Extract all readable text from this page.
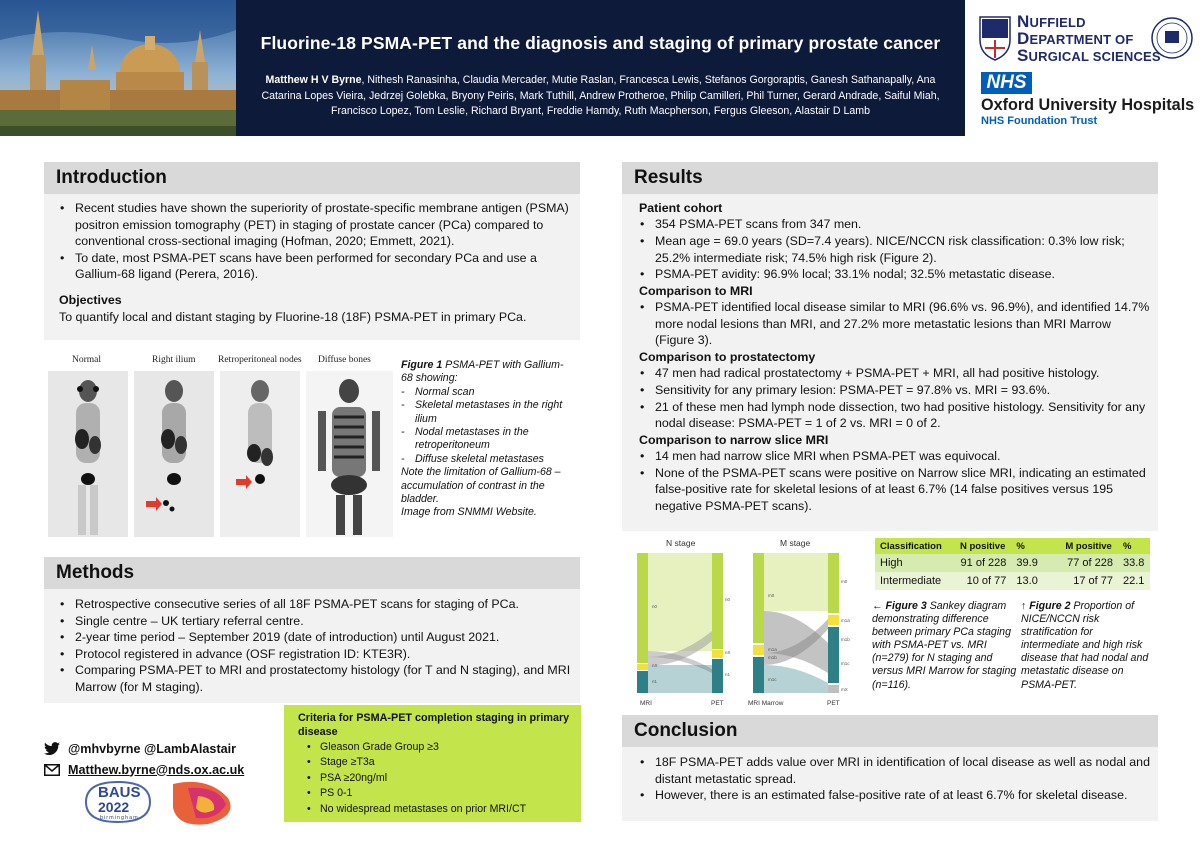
Fluorine-18 PSMA-PET and the diagnosis and staging of primary prostate cancer
Matthew H V Byrne, Nithesh Ranasinha, Claudia Mercader, Mutie Raslan, Francesca Lewis, Stefanos Gorgoraptis, Ganesh Sathanapally, Ana Catarina Lopes Vieira, Jedrzej Golebka, Bryony Peiris, Mark Tuthill, Andrew Protheroe, Philip Camilleri, Phil Turner, Gerard Andrade, Saiful Miah, Francisco Lopez, Tom Leslie, Richard Bryant, Freddie Hamdy, Ruth Macpherson, Fergus Gleeson, Alastair D Lamb
NUFFIELD
DEPARTMENT OF
SURGICAL SCIENCES
NHS
Oxford University Hospitals
NHS Foundation Trust
Introduction
• Recent studies have shown the superiority of prostate-specific membrane antigen (PSMA) positron emission tomography (PET) in staging of prostate cancer (PCa) compared to conventional cross-sectional imaging (Hofman, 2020; Emmett, 2021).
• To date, most PSMA-PET scans have been performed for secondary PCa and use a Gallium-68 ligand (Perera, 2016).
Objectives
To quantify local and distant staging by Fluorine-18 (18F) PSMA-PET in primary PCa.
Normal	Right ilium Retroperitoneal nodes Diffuse bones	Figure 1 PSMA-PET with Gallium-68 showing:
- Normal scan
- Skeletal metastases in the right ilium
- Nodal metastases in the retroperitoneum
- Diffuse skeletal metastases
Note the limitation of Gallium-68 – accumulation of contrast in the bladder.
Image from SNMMI Website.
Methods
• Retrospective consecutive series of all 18F PSMA-PET scans for staging of PCa.
• Single centre – UK tertiary referral centre.
• 2-year time period – September 2019 (date of introduction) until August 2021.
• Protocol registered in advance (OSF registration ID: KTE3R).
• Comparing PSMA-PET to MRI and prostatectomy histology (for T and N staging), and MRI Marrow (for M staging).
Criteria for PSMA-PET completion staging in primary disease
• Gleason Grade Group ≥3
• Stage ≥T3a
• PSA ≥20ng/ml
• PS 0-1
• No widespread metastases on prior MRI/CT
@mhvbyrne @LambAlastair
Matthew.byrne@nds.ox.ac.uk
BAUS
2022
birmingham
Results
Patient cohort
• 354 PSMA-PET scans from 347 men.
• Mean age = 69.0 years (SD=7.4 years). NICE/NCCN risk classification: 0.3% low risk; 25.2% intermediate risk; 74.5% high risk (Figure 2).
• PSMA-PET avidity: 96.9% local; 33.1% nodal; 32.5% metastatic disease.
Comparison to MRI
• PSMA-PET identified local disease similar to MRI (96.6% vs. 96.9%), and identified 14.7% more nodal lesions than MRI, and 27.2% more metastatic lesions than MRI Marrow (Figure 3).
Comparison to prostatectomy
• 47 men had radical prostatectomy + PSMA-PET + MRI, all had positive histology.
• Sensitivity for any primary lesion: PSMA-PET = 97.8% vs. MRI = 93.6%.
• 21 of these men had lymph node dissection, two had positive histology. Sensitivity for any nodal disease: PSMA-PET = 1 of 2 vs. MRI = 0 of 2.
Comparison to narrow slice MRI
• 14 men had narrow slice MRI when PSMA-PET was equivocal.
• None of the PSMA-PET scans were positive on Narrow slice MRI, indicating an estimated false-positive rate for skeletal lesions of at least 6.7% (14 false positives versus 195 negative PSMA-PET scans).
N stage
MRI	PET
n0
nX
n1
n0
nX
n1
M stage
MRI Marrow	PET
m0
m1a
m1b
m1c
m0
m1a
m1b
m1c
mX
Classification	N positive	%	M positive	%
High	91 of 228	39.9	77 of 228	33.8
Intermediate	10 of 77	13.0	17 of 77	22.1
← Figure 3 Sankey diagram demonstrating difference between primary PCa staging with PSMA-PET vs. MRI (n=279) for N staging and versus MRI Marrow for staging (n=116).
↑ Figure 2 Proportion of NICE/NCCN risk stratification for intermediate and high risk disease that had nodal and metastatic disease on PSMA-PET.
Conclusion
• 18F PSMA-PET adds value over MRI in identification of local disease as well as nodal and distant metastatic spread.
• However, there is an estimated false-positive rate of at least 6.7% for skeletal disease.
